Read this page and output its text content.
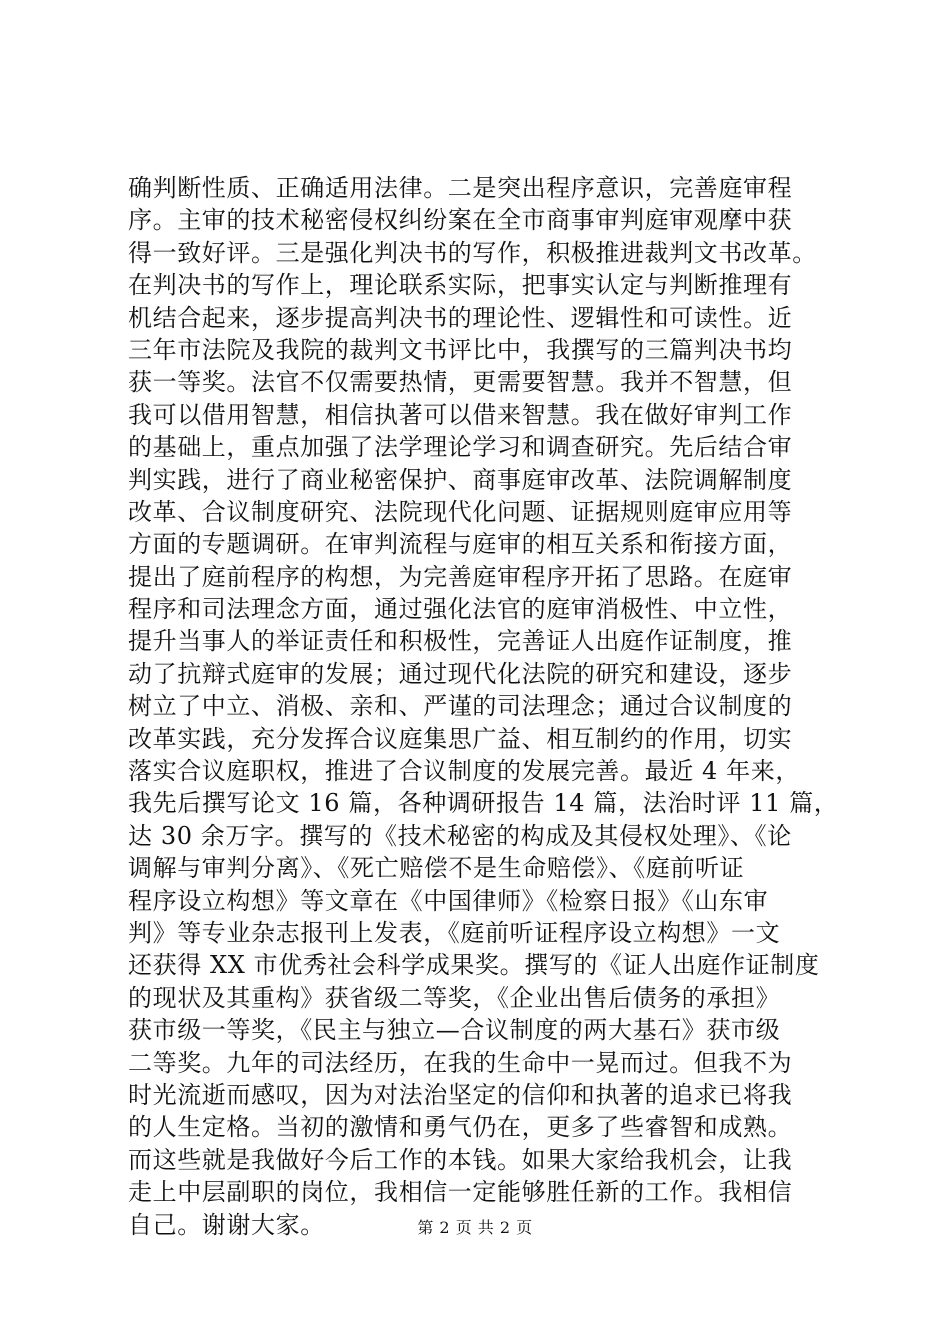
确判断性质、正确适用法律。二是突出程序意识，完善庭审程
序。主审的技术秘密侵权纠纷案在全市商事审判庭审观摩中获
得一致好评。三是强化判决书的写作，积极推进裁判文书改革。
在判决书的写作上，理论联系实际，把事实认定与判断推理有
机结合起来，逐步提高判决书的理论性、逻辑性和可读性。近
三年市法院及我院的裁判文书评比中，我撰写的三篇判决书均
获一等奖。法官不仅需要热情，更需要智慧。我并不智慧，但
我可以借用智慧，相信执著可以借来智慧。我在做好审判工作
的基础上，重点加强了法学理论学习和调查研究。先后结合审
判实践，进行了商业秘密保护、商事庭审改革、法院调解制度
改革、合议制度研究、法院现代化问题、证据规则庭审应用等
方面的专题调研。在审判流程与庭审的相互关系和衔接方面，
提出了庭前程序的构想，为完善庭审程序开拓了思路。在庭审
程序和司法理念方面，通过强化法官的庭审消极性、中立性，
提升当事人的举证责任和积极性，完善证人出庭作证制度，推
动了抗辩式庭审的发展；通过现代化法院的研究和建设，逐步
树立了中立、消极、亲和、严谨的司法理念；通过合议制度的
改革实践，充分发挥合议庭集思广益、相互制约的作用，切实
落实合议庭职权，推进了合议制度的发展完善。最近 4 年来，
我先后撰写论文 16 篇，各种调研报告 14 篇，法治时评 11 篇，
达 30 余万字。撰写的《技术秘密的构成及其侵权处理》、《论
调解与审判分离》、《死亡赔偿不是生命赔偿》、《庭前听证
程序设立构想》等文章在《中国律师》《检察日报》《山东审
判》等专业杂志报刊上发表，《庭前听证程序设立构想》一文
还获得 XX 市优秀社会科学成果奖。撰写的《证人出庭作证制度
的现状及其重构》获省级二等奖，《企业出售后债务的承担》
获市级一等奖，《民主与独立—合议制度的两大基石》获市级
二等奖。九年的司法经历，在我的生命中一晃而过。但我不为
时光流逝而感叹，因为对法治坚定的信仰和执著的追求已将我
的人生定格。当初的激情和勇气仍在，更多了些睿智和成熟。
而这些就是我做好今后工作的本钱。如果大家给我机会，让我
走上中层副职的岗位，我相信一定能够胜任新的工作。我相信
自己。谢谢大家。	第 2 页 共 2 页
